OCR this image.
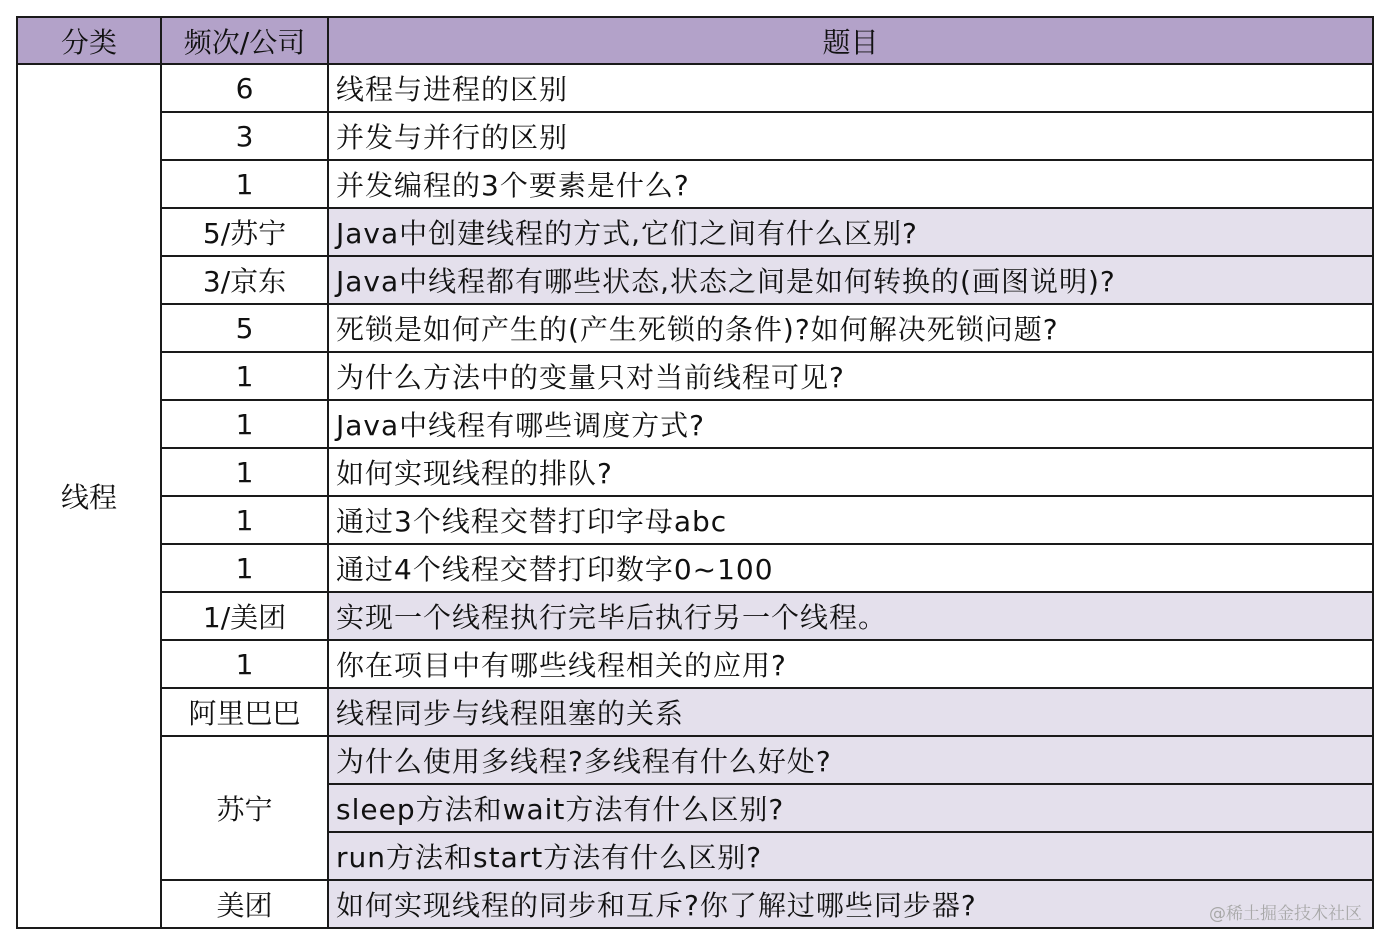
分类	频次/公司	题目
线程	6	线程与进程的区别
	3	并发与并行的区别
	1	并发编程的3个要素是什么?
	5/苏宁	Java中创建线程的方式,它们之间有什么区别?
	3/京东	Java中线程都有哪些状态,状态之间是如何转换的(画图说明)?
	5	死锁是如何产生的(产生死锁的条件)?如何解决死锁问题?
	1	为什么方法中的变量只对当前线程可见?
	1	Java中线程有哪些调度方式?
	1	如何实现线程的排队?
	1	通过3个线程交替打印字母abc
	1	通过4个线程交替打印数字0~100
	1/美团	实现一个线程执行完毕后执行另一个线程。
	1	你在项目中有哪些线程相关的应用?
	阿里巴巴	线程同步与线程阻塞的关系
	苏宁	为什么使用多线程?多线程有什么好处?
		sleep方法和wait方法有什么区别?
		run方法和start方法有什么区别?
	美团	如何实现线程的同步和互斥?你了解过哪些同步器?	@稀土掘金技术社区
